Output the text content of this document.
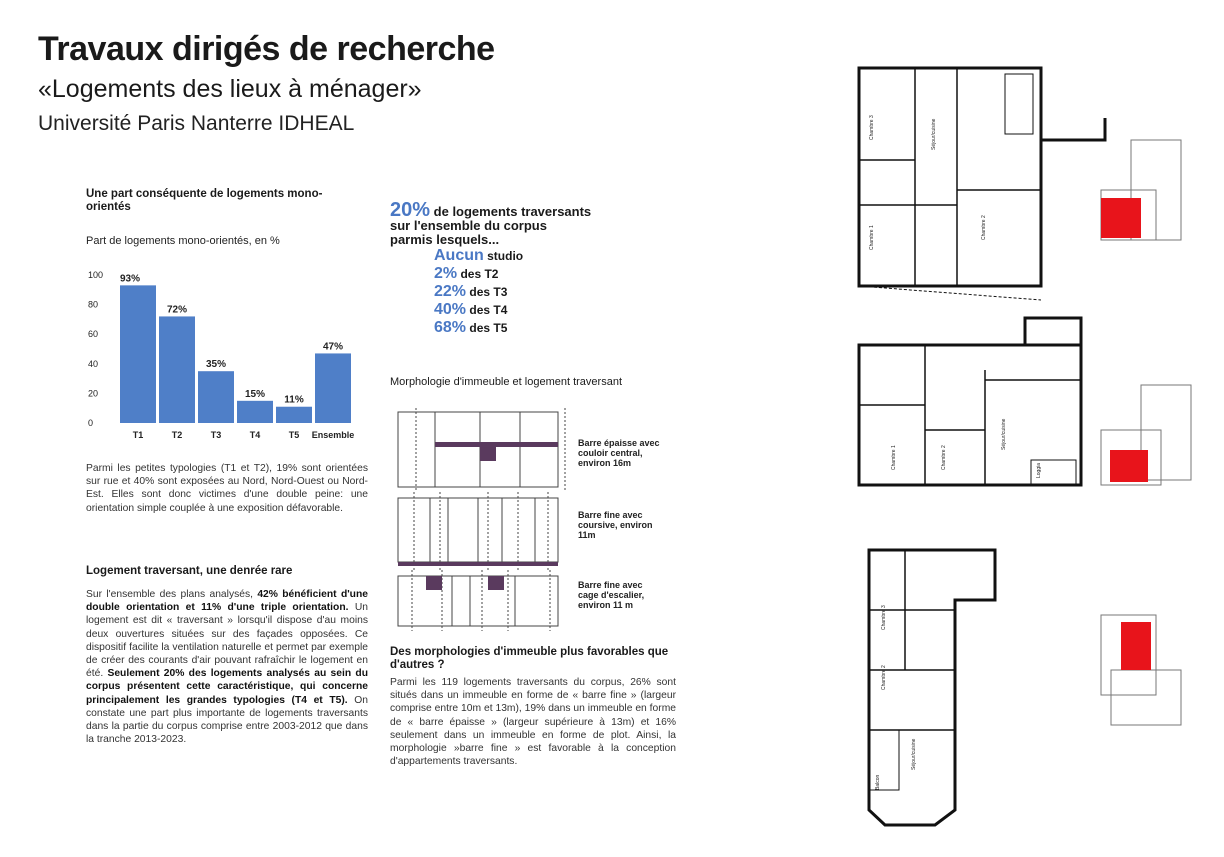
Travaux dirigés de recherche
«Logements des lieux à ménager»
Université Paris Nanterre IDHEAL
Une part conséquente de logements mono-orientés
Part de logements mono-orientés, en %
0
20
40
60
80
100 93%
T1
72%
T2
35%
T3
15%
T4
11%
T5
47%
Ensemble
Parmi les petites typologies (T1 et T2), 19% sont orientées sur rue et 40% sont exposées au Nord, Nord-Ouest ou Nord-Est. Elles sont donc victimes d'une double peine: une orientation simple couplée à une exposition défavorable.
Logement traversant, une denrée rare
Sur l'ensemble des plans analysés, 42% bénéficient d'une double orientation et 11% d'une triple orientation. Un logement est dit « traversant » lorsqu'il dispose d'au moins deux ouvertures situées sur des façades opposées. Ce dispositif facilite la ventilation naturelle et permet par exemple de créer des courants d'air pouvant rafraîchir le logement en été. Seulement 20% des logements analysés au sein du corpus présentent cette caractéristique, qui concerne principalement les grandes typologies (T4 et T5). On constate une part plus importante de logements traversants dans la partie du corpus comprise entre 2003-2012 que dans la tranche 2013-2023.
20% de logements traversants
sur l'ensemble du corpus
parmis lesquels...
Aucun studio
2% des T2
22% des T3
40% des T4
68% des T5
Morphologie d'immeuble et logement traversant
Barre épaisse avec couloir central, environ 16m
Barre fine avec coursive, environ 11m
Barre fine avec cage d'escalier, environ 11 m
Des morphologies d'immeuble plus favorables que d'autres ?
Parmi les 119 logements traversants du corpus, 26% sont situés dans un immeuble en forme de « barre fine » (largeur comprise entre 10m et 13m), 19% dans un immeuble en forme de « barre épaisse » (largeur supérieure à 13m) et 16% seulement dans un immeuble en forme de plot. Ainsi, la morphologie »barre fine » est favorable à la conception d'appartements traversants.
Chambre 3
Chambre 1
Séjour/cuisine
Chambre 2
Chambre 1	Chambre 2
Séjour/cuisine
Loggia
Chambre 3
Chambre 2
Séjour/cuisine
Balcon
